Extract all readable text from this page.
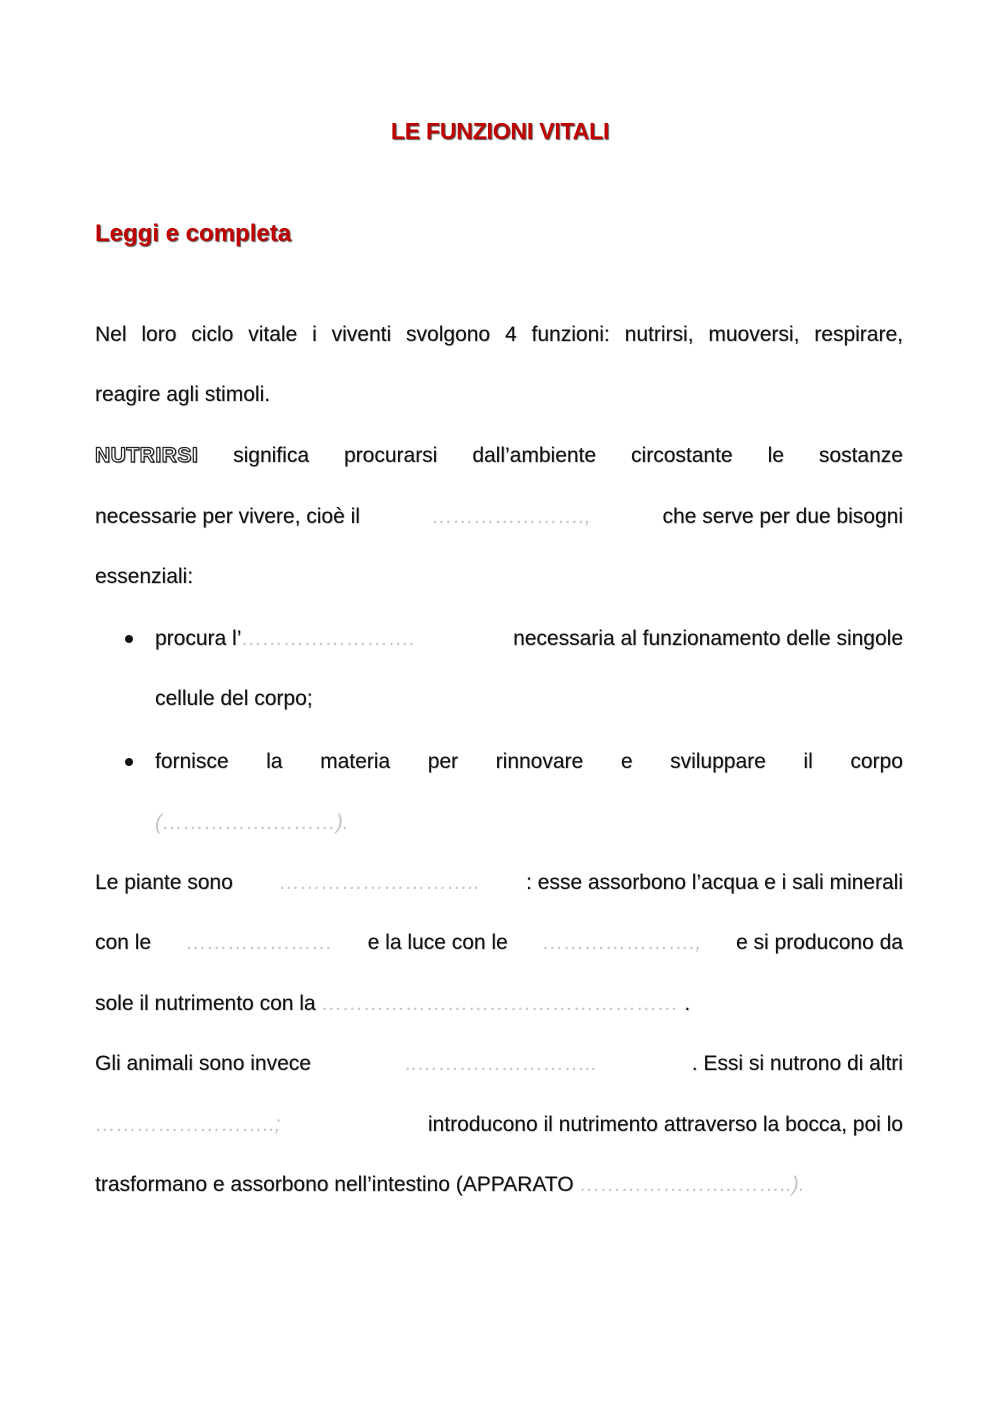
LE FUNZIONI VITALI
Leggi e completa
Nel loro ciclo vitale i viventi svolgono 4 funzioni: nutrirsi, muoversi, respirare,
reagire agli stimoli.
NUTRIRSI significa procurarsi dall’ambiente circostante le sostanze
necessarie per vivere, cioè il	………………….,	che serve per due bisogni
essenziali:
procura l’…………………….	necessaria al funzionamento delle singole
cellule del corpo;
fornisce la materia per rinnovare e sviluppare il corpo
(…………….………).
Le piante sono ……………………….. : esse assorbono l’acqua e i sali minerali
con le ………………… e la luce con le …………………., e si producono da
sole il nutrimento con la …………………………………………… .
Gli animali sono invece	..……………………..	. Essi si nutrono di altri
……………………..;	introducono il nutrimento attraverso la bocca, poi lo
trasformano e assorbono nell’intestino (APPARATO …………………..……..).
